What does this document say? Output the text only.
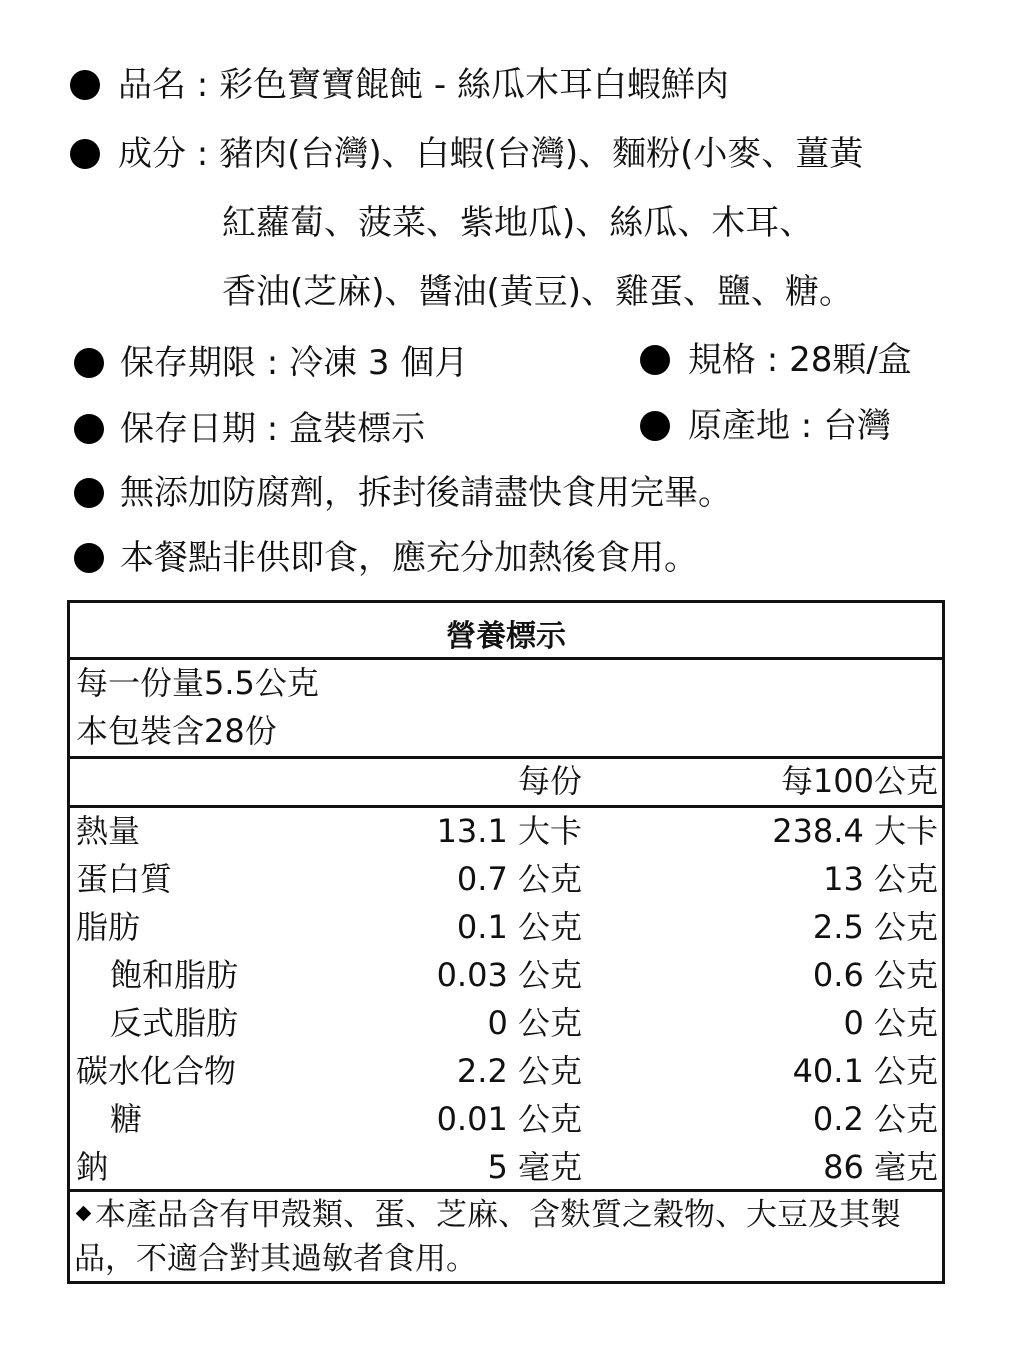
品名 : 彩色寶寶餛飩 - 絲瓜木耳白蝦鮮肉
成分 : 豬肉(台灣)、白蝦(台灣)、麵粉(小麥、薑黃
紅蘿蔔、菠菜、紫地瓜)、絲瓜、木耳、
香油(芝麻)、醬油(黃豆)、雞蛋、鹽、糖。
保存期限 : 冷凍 3 個月	規格 : 28顆/盒
保存日期 : 盒裝標示	原產地 : 台灣
無添加防腐劑，拆封後請盡快食用完畢。
本餐點非供即食，應充分加熱後食用。
營養標示
每一份量5.5公克
本包裝含28份
每份	每100公克
熱量	13.1 大卡	238.4 大卡
蛋白質	0.7 公克	13 公克
脂肪	0.1 公克	2.5 公克
飽和脂肪	0.03 公克	0.6 公克
反式脂肪	0 公克	0 公克
碳水化合物	2.2 公克	40.1 公克
糖	0.01 公克	0.2 公克
鈉	5 毫克	86 毫克
本產品含有甲殼類、蛋、芝麻、含麩質之穀物、大豆及其製品，不適合對其過敏者食用。
